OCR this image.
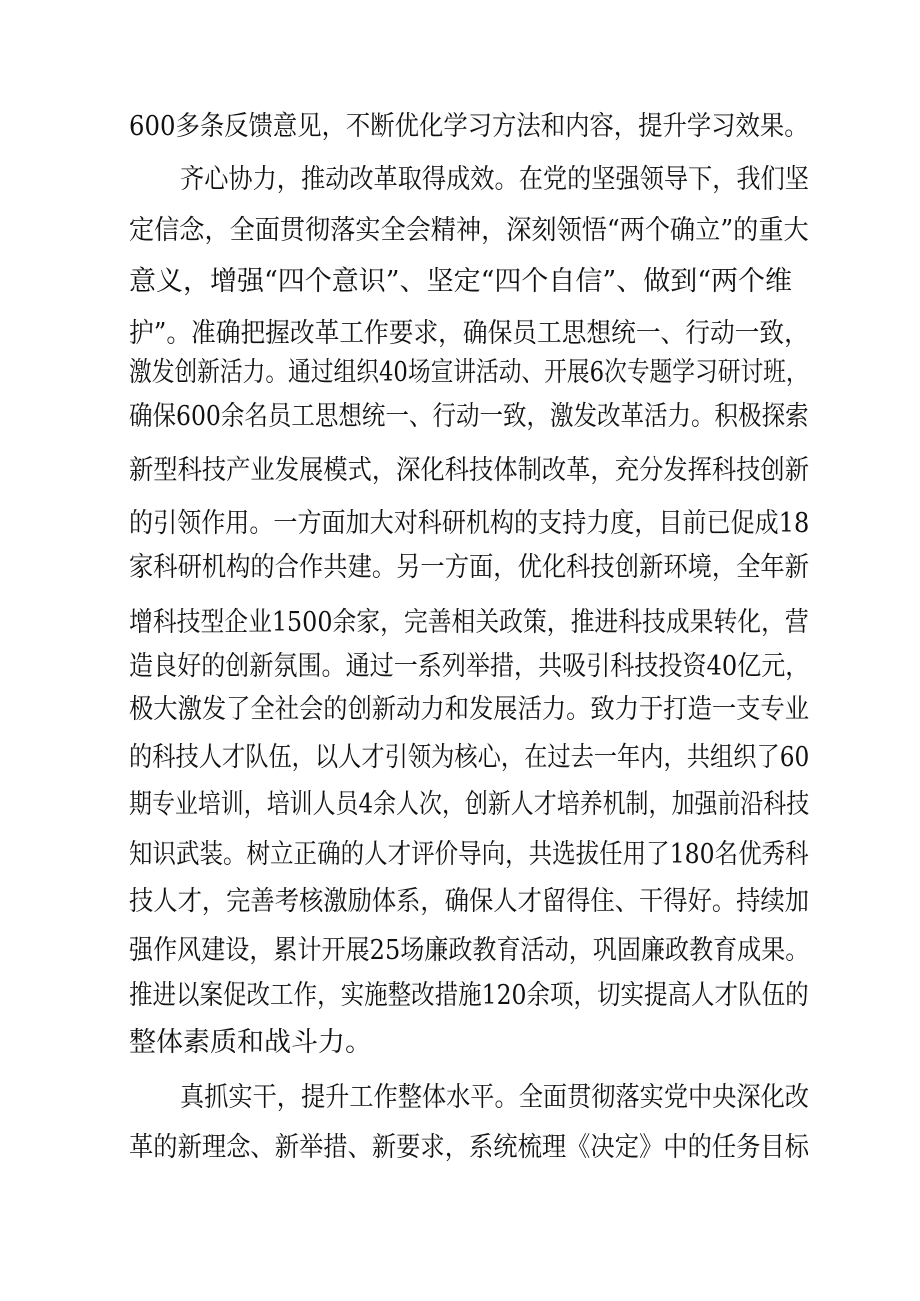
600多条反馈意见，不断优化学习方法和内容，提升学习效果。
齐心协力，推动改革取得成效。在党的坚强领导下，我们坚
定信念，全面贯彻落实全会精神，深刻领悟“两个确立”的重大
意义，增强“四个意识”、坚定“四个自信”、做到“两个维
护”。准确把握改革工作要求，确保员工思想统一、行动一致，
激发创新活力。通过组织40场宣讲活动、开展6次专题学习研讨班，
确保600余名员工思想统一、行动一致，激发改革活力。积极探索
新型科技产业发展模式，深化科技体制改革，充分发挥科技创新
的引领作用。一方面加大对科研机构的支持力度，目前已促成18
家科研机构的合作共建。另一方面，优化科技创新环境，全年新
增科技型企业1500余家，完善相关政策，推进科技成果转化，营
造良好的创新氛围。通过一系列举措，共吸引科技投资40亿元，
极大激发了全社会的创新动力和发展活力。致力于打造一支专业
的科技人才队伍，以人才引领为核心，在过去一年内，共组织了60
期专业培训，培训人员4余人次，创新人才培养机制，加强前沿科技
知识武装。树立正确的人才评价导向，共选拔任用了180名优秀科
技人才，完善考核激励体系，确保人才留得住、干得好。持续加
强作风建设，累计开展25场廉政教育活动，巩固廉政教育成果。
推进以案促改工作，实施整改措施120余项，切实提高人才队伍的
整体素质和战斗力。
真抓实干，提升工作整体水平。全面贯彻落实党中央深化改
革的新理念、新举措、新要求，系统梳理《决定》中的任务目标
